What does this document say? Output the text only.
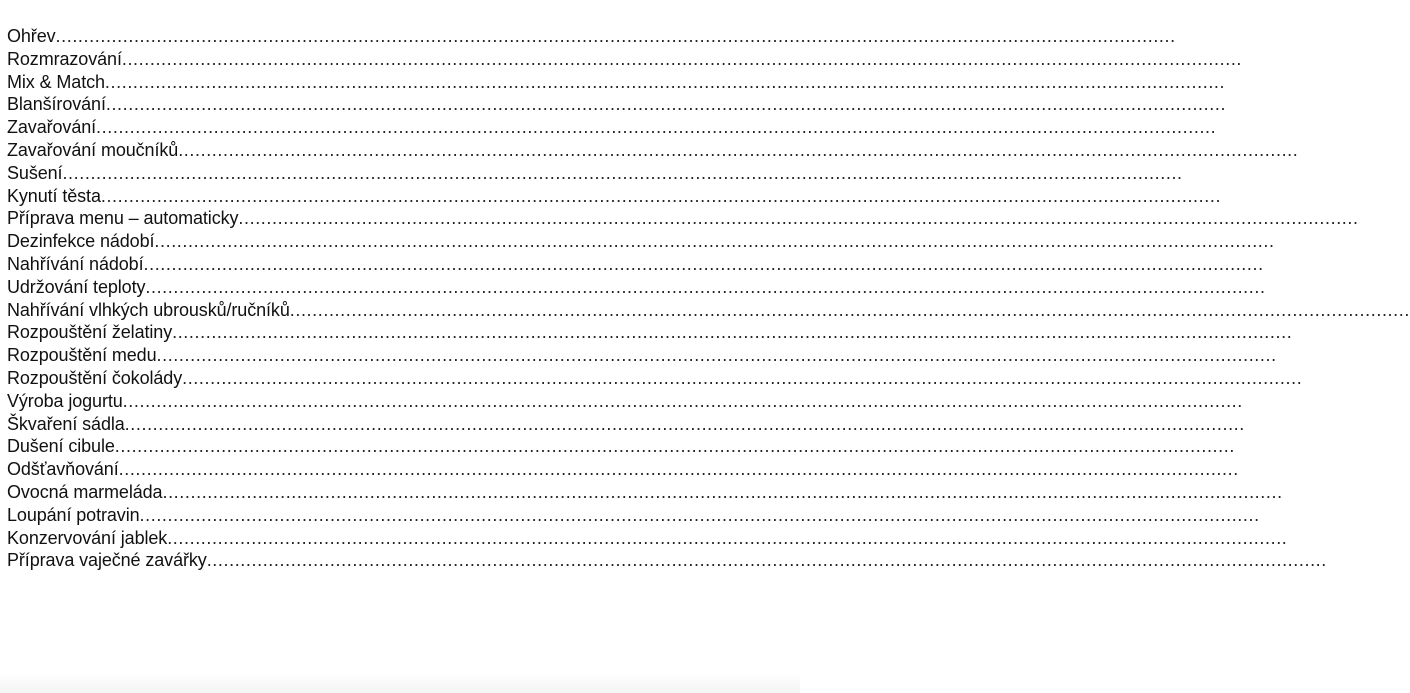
Ohřev ........................................................................................................................................................................................................
Rozmrazování ........................................................................................................................................................................................................
Mix & Match ........................................................................................................................................................................................................
Blanšírování ........................................................................................................................................................................................................
Zavařování ........................................................................................................................................................................................................
Zavařování moučníků ........................................................................................................................................................................................................
Sušení ........................................................................................................................................................................................................
Kynutí těsta ........................................................................................................................................................................................................
Příprava menu – automaticky ........................................................................................................................................................................................................
Dezinfekce nádobí ........................................................................................................................................................................................................
Nahřívání nádobí ........................................................................................................................................................................................................
Udržování teploty ........................................................................................................................................................................................................
Nahřívání vlhkých ubrousků/ručníků ........................................................................................................................................................................................................
Rozpouštění želatiny ........................................................................................................................................................................................................
Rozpouštění medu ........................................................................................................................................................................................................
Rozpouštění čokolády ........................................................................................................................................................................................................
Výroba jogurtu ........................................................................................................................................................................................................
Škvaření sádla ........................................................................................................................................................................................................
Dušení cibule ........................................................................................................................................................................................................
Odšťavňování ........................................................................................................................................................................................................
Ovocná marmeláda ........................................................................................................................................................................................................
Loupání potravin ........................................................................................................................................................................................................
Konzervování jablek ........................................................................................................................................................................................................
Příprava vaječné zavářky ........................................................................................................................................................................................................
